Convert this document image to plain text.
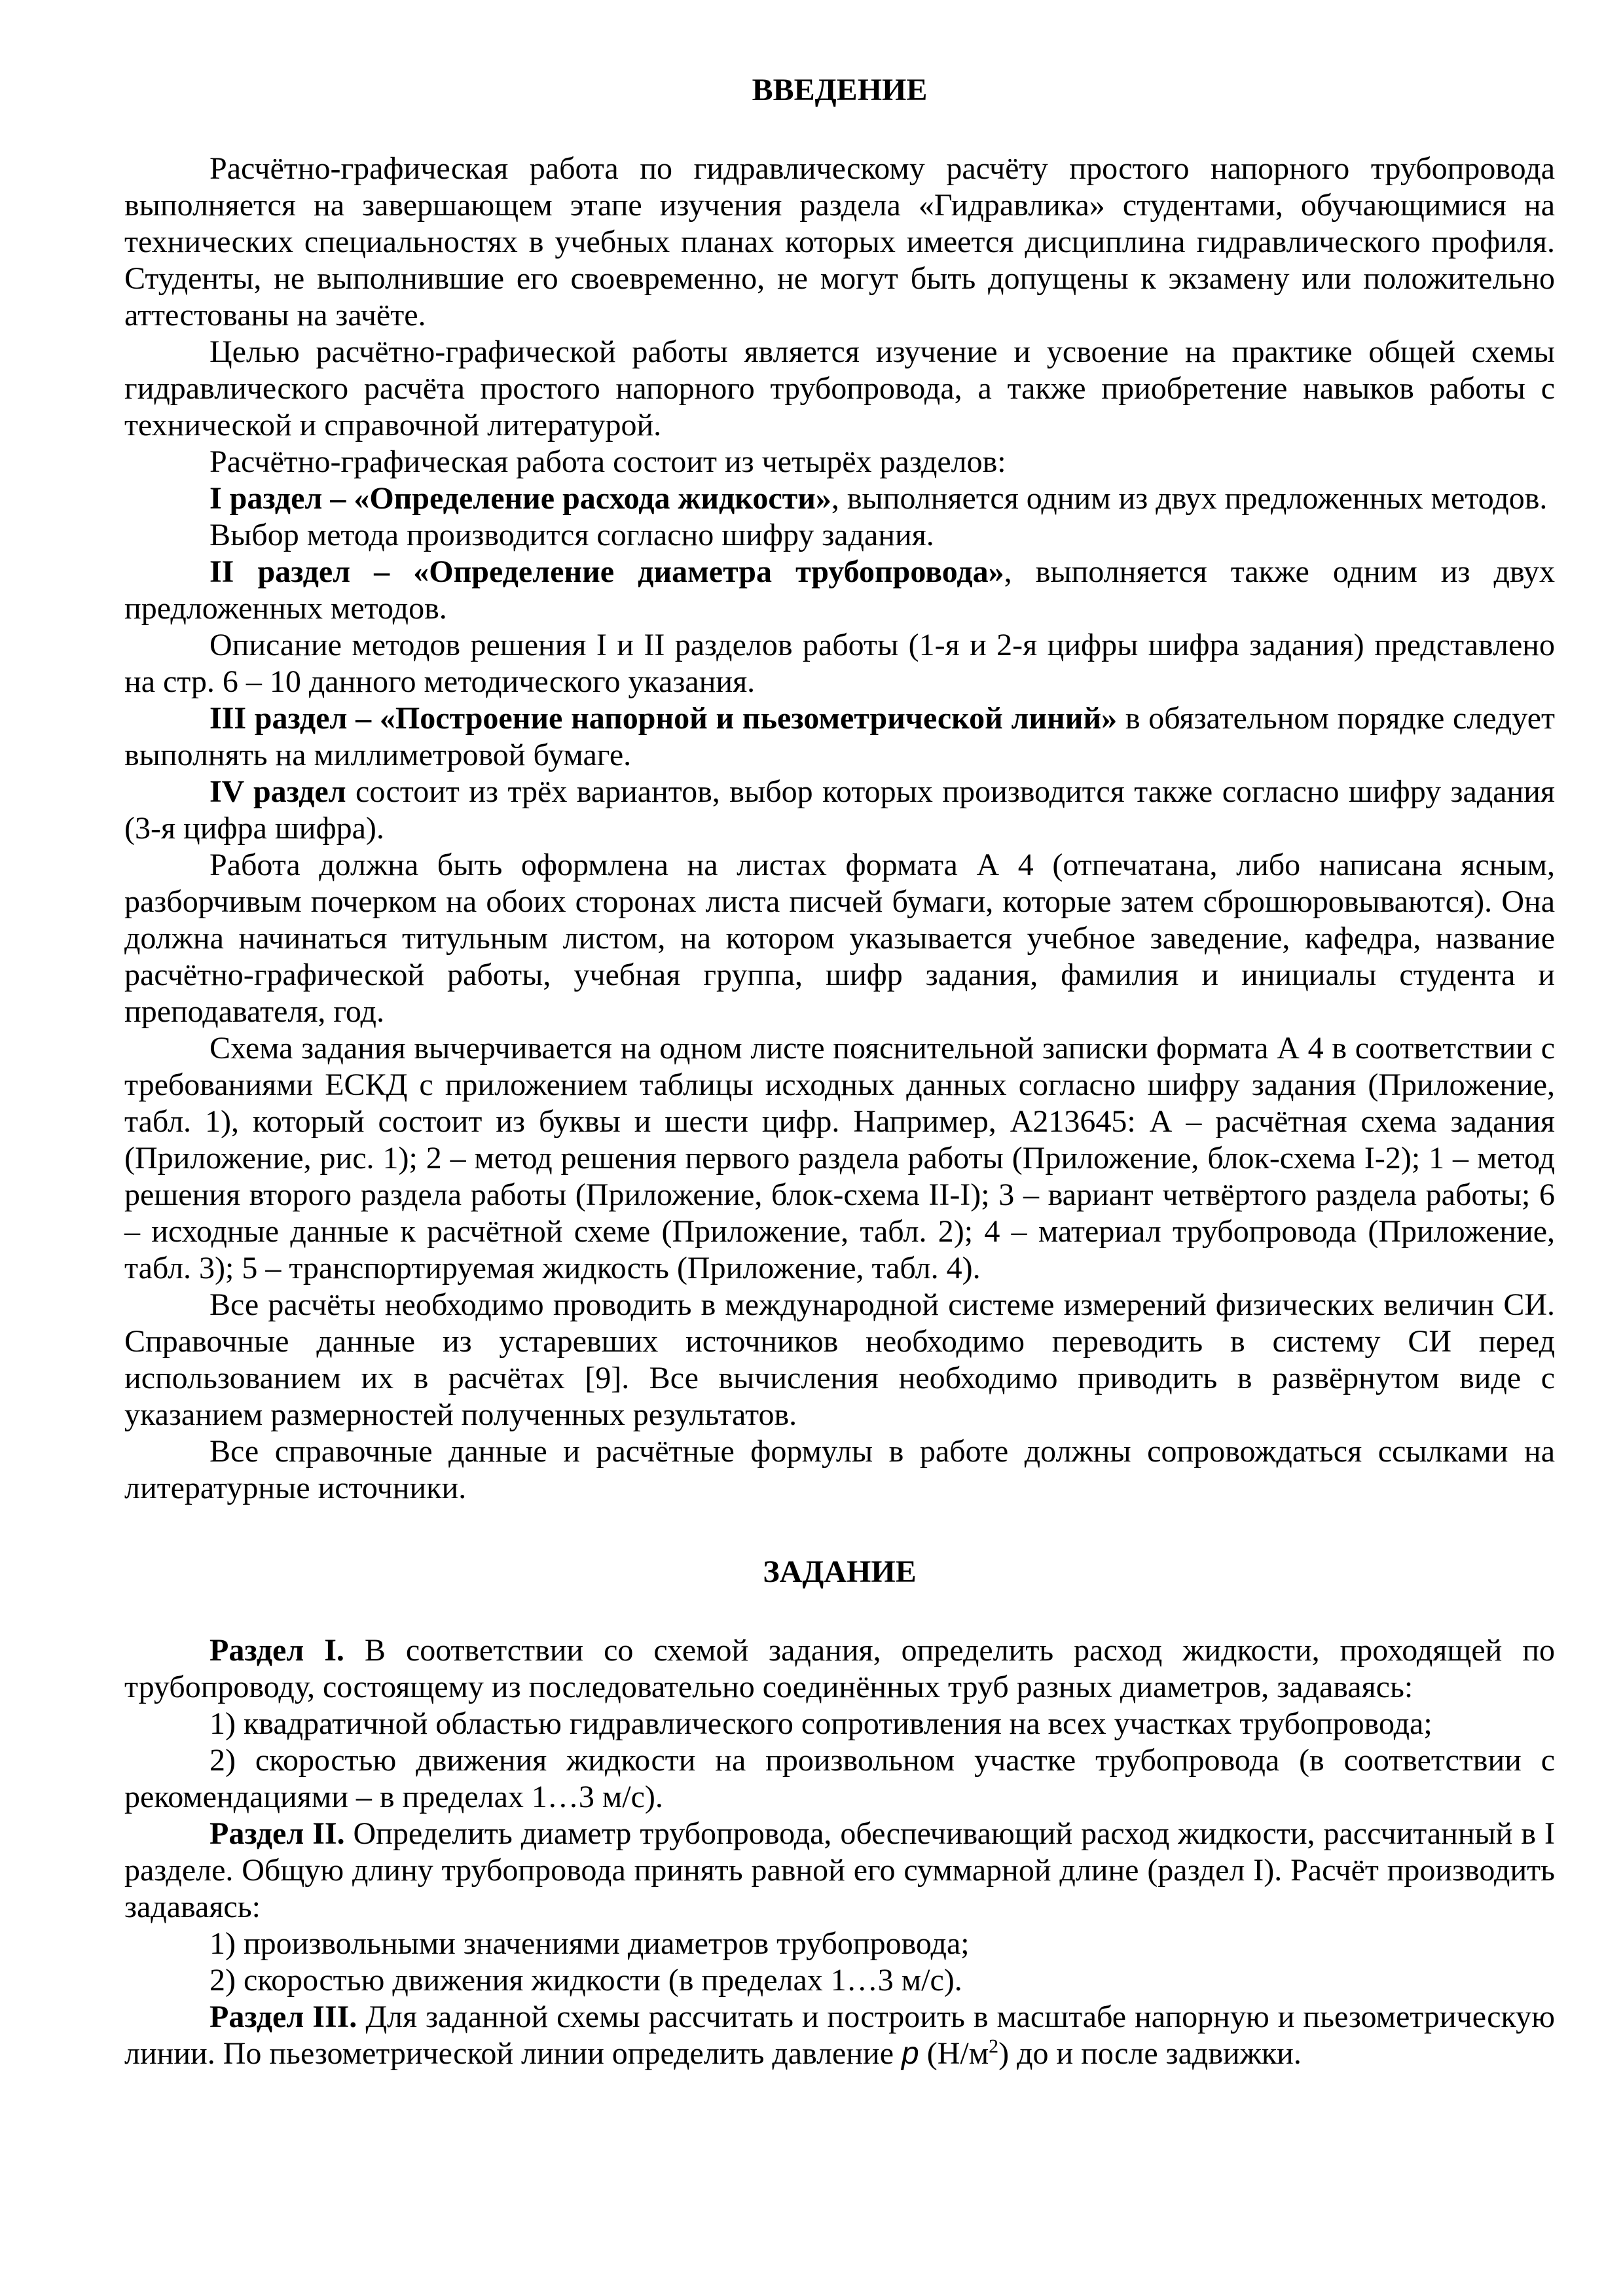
ВВЕДЕНИЕ

Расчётно-графическая работа по гидравлическому расчёту простого напорного трубопровода выполняется на завершающем этапе изучения раздела «Гидравлика» студентами, обучающимися на технических специальностях в учебных планах которых имеется дисциплина гидравлического профиля. Студенты, не выполнившие его своевременно, не могут быть допущены к экзамену или положительно аттестованы на зачёте.

Целью расчётно-графической работы является изучение и усвоение на практике общей схемы гидравлического расчёта простого напорного трубопровода, а также приобретение навыков работы с технической и справочной литературой.

Расчётно-графическая работа состоит из четырёх разделов:

I раздел – «Определение расхода жидкости», выполняется одним из двух предложенных методов.

Выбор метода производится согласно шифру задания.

II раздел – «Определение диаметра трубопровода», выполняется также одним из двух предложенных методов.

Описание методов решения I и II разделов работы (1-я и 2-я цифры шифра задания) представлено на стр. 6 – 10 данного методического указания.

III раздел – «Построение напорной и пьезометрической линий» в обязательном порядке следует выполнять на миллиметровой бумаге.

IV раздел состоит из трёх вариантов, выбор которых производится также согласно шифру задания (3-я цифра шифра).

Работа должна быть оформлена на листах формата А 4 (отпечатана, либо написана ясным, разборчивым почерком на обоих сторонах листа писчей бумаги, которые затем сброшюровываются). Она должна начинаться титульным листом, на котором указывается учебное заведение, кафедра, название расчётно-графической работы, учебная группа, шифр задания, фамилия и инициалы студента и преподавателя, год.

Схема задания вычерчивается на одном листе пояснительной записки формата А 4 в соответствии с требованиями ЕСКД с приложением таблицы исходных данных согласно шифру задания (Приложение, табл. 1), который состоит из буквы и шести цифр. Например, А213645: А – расчётная схема задания (Приложение, рис. 1); 2 – метод решения первого раздела работы (Приложение, блок-схема I-2); 1 – метод решения второго раздела работы (Приложение, блок-схема II-I); 3 – вариант четвёртого раздела работы; 6 – исходные данные к расчётной схеме (Приложение, табл. 2); 4 – материал трубопровода (Приложение, табл. 3); 5 – транспортируемая жидкость (Приложение, табл. 4).

Все расчёты необходимо проводить в международной системе измерений физических величин СИ. Справочные данные из устаревших источников необходимо переводить в систему СИ перед использованием их в расчётах [9]. Все вычисления необходимо приводить в развёрнутом виде с указанием размерностей полученных результатов.

Все справочные данные и расчётные формулы в работе должны сопровождаться ссылками на литературные источники.

ЗАДАНИЕ

Раздел I. В соответствии со схемой задания, определить расход жидкости, проходящей по трубопроводу, состоящему из последовательно соединённых труб разных диаметров, задаваясь:

1) квадратичной областью гидравлического сопротивления на всех участках трубопровода;

2) скоростью движения жидкости на произвольном участке трубопровода (в соответствии с рекомендациями – в пределах 1…3 м/с).

Раздел II. Определить диаметр трубопровода, обеспечивающий расход жидкости, рассчитанный в I разделе. Общую длину трубопровода принять равной его суммарной длине (раздел I). Расчёт производить задаваясь:

1) произвольными значениями диаметров трубопровода;

2) скоростью движения жидкости (в пределах 1…3 м/с).

Раздел III. Для заданной схемы рассчитать и построить в масштабе напорную и пьезометрическую линии. По пьезометрической линии определить давление p $(Н/м^2)$ до и после задвижки.
